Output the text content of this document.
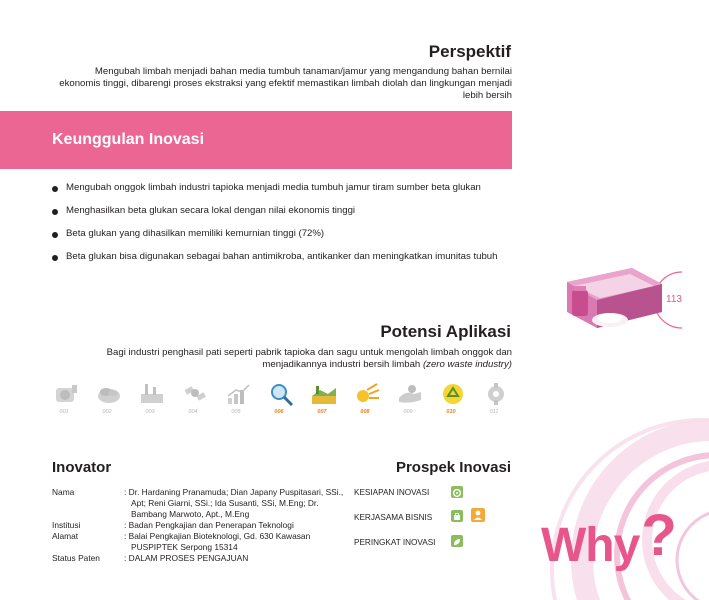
113
Perspektif
Mengubah limbah menjadi bahan media tumbuh tanaman/jamur yang mengandung bahan bernilai ekonomis tinggi, dibarengi proses ekstraksi yang efektif memastikan limbah diolah dan lingkungan menjadi lebih bersih
Keunggulan Inovasi
Mengubah onggok limbah industri tapioka menjadi media tumbuh jamur tiram sumber beta glukan
Menghasilkan beta glukan secara lokal dengan nilai ekonomis tinggi
Beta glukan yang dihasilkan memiliki kemurnian tinggi (72%)
Beta glukan bisa digunakan sebagai bahan antimikroba, antikanker dan meningkatkan imunitas tubuh
Potensi Aplikasi
Bagi industri penghasil pati seperti pabrik tapioka dan sagu untuk mengolah limbah onggok dan menjadikannya industri bersih limbah (zero waste industry)
001	002	003	004	005	006	007	008	009	010	011
Inovator
Nama	: Dr. Hardaning Pranamuda; Dian Japany Puspitasari, SSi., Apt; Reni Giarni, SSi.; Ida Susanti, SSi, M.Eng; Dr. Bambang Marwoto, Apt., M.Eng
Institusi	: Badan Pengkajian dan Penerapan Teknologi
Alamat	: Balai Pengkajian Bioteknologi, Gd. 630 Kawasan PUSPIPTEK Serpong 15314
Status Paten	: DALAM PROSES PENGAJUAN
Prospek Inovasi
KESIAPAN INOVASI
KERJASAMA BISNIS
PERINGKAT INOVASI Why?
